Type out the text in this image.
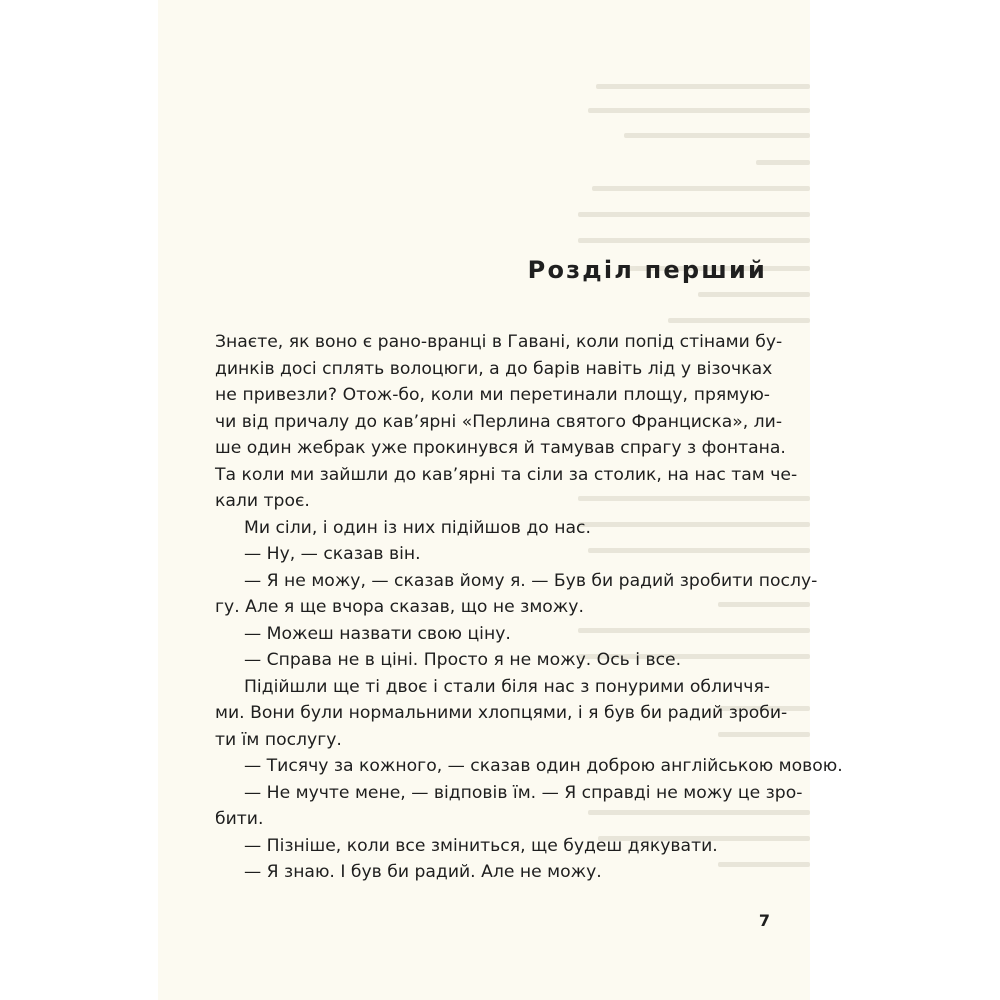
Розділ перший
Знаєте, як воно є рано-вранці в Гавані, коли попід стінами бу-
динків досі сплять волоцюги, а до барів навіть лід у візочках
не привезли? Отож-бо, коли ми перетинали площу, прямую-
чи від причалу до кав’ярні «Перлина святого Франциска», ли-
ше один жебрак уже прокинувся й тамував спрагу з фонтана.
Та коли ми зайшли до кав’ярні та сіли за столик, на нас там че-
кали троє.
Ми сіли, і один із них підійшов до нас.
— Ну, — сказав він.
— Я не можу, — сказав йому я. — Був би радий зробити послу-
гу. Але я ще вчора сказав, що не зможу.
— Можеш назвати свою ціну.
— Справа не в ціні. Просто я не можу. Ось і все.
Підійшли ще ті двоє і стали біля нас з понурими обличчя-
ми. Вони були нормальними хлопцями, і я був би радий зроби-
ти їм послугу.
— Тисячу за кожного, — сказав один доброю англійською мовою.
— Не мучте мене, — відповів їм. — Я справді не можу це зро-
бити.
— Пізніше, коли все зміниться, ще будеш дякувати.
— Я знаю. І був би радий. Але не можу.
7
